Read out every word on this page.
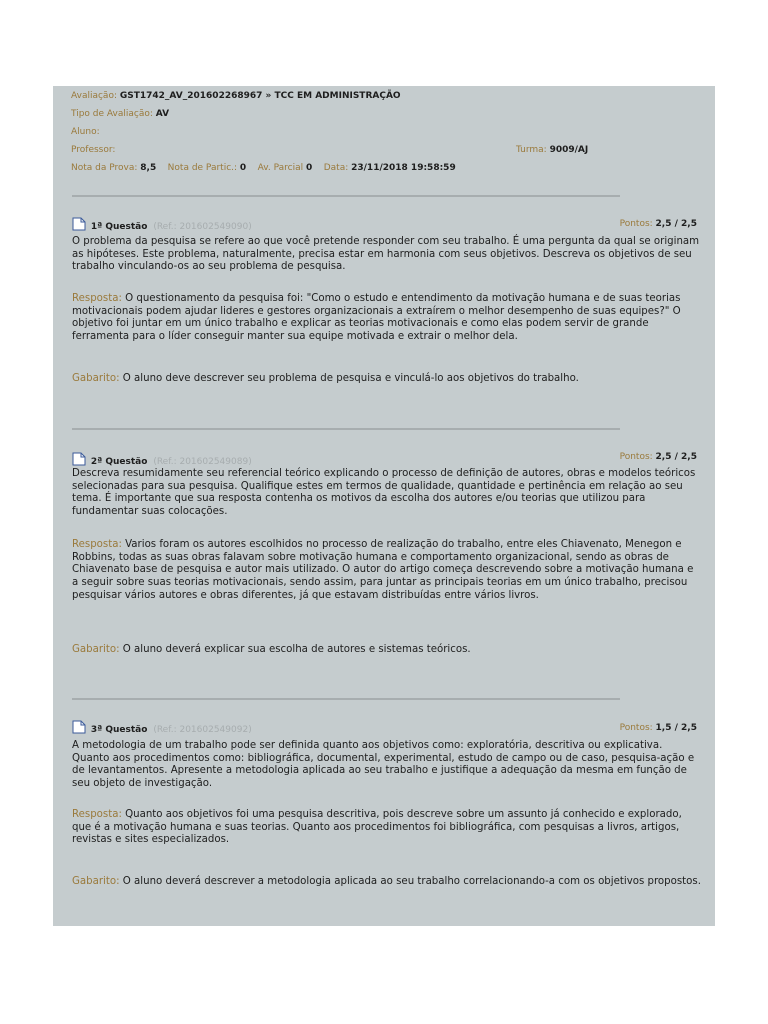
Avaliação: GST1742_AV_201602268967 » TCC EM ADMINISTRAÇÃO
Tipo de Avaliação: AV
Aluno:
Professor:	Turma: 9009/AJ
Nota da Prova: 8,5 Nota de Partic.: 0 Av. Parcial 0 Data: 23/11/2018 19:58:59
1ª Questão (Ref.: 201602549090)	Pontos: 2,5 / 2,5
O problema da pesquisa se refere ao que você pretende responder com seu trabalho. É uma pergunta da qual se originam as hipóteses. Este problema, naturalmente, precisa estar em harmonia com seus objetivos. Descreva os objetivos de seu trabalho vinculando-os ao seu problema de pesquisa.
Resposta: O questionamento da pesquisa foi: "Como o estudo e entendimento da motivação humana e de suas teorias motivacionais podem ajudar lideres e gestores organizacionais a extraírem o melhor desempenho de suas equipes?" O objetivo foi juntar em um único trabalho e explicar as teorias motivacionais e como elas podem servir de grande ferramenta para o líder conseguir manter sua equipe motivada e extrair o melhor dela.
Gabarito: O aluno deve descrever seu problema de pesquisa e vinculá-lo aos objetivos do trabalho.
2ª Questão (Ref.: 201602549089)	Pontos: 2,5 / 2,5
Descreva resumidamente seu referencial teórico explicando o processo de definição de autores, obras e modelos teóricos selecionadas para sua pesquisa. Qualifique estes em termos de qualidade, quantidade e pertinência em relação ao seu tema. É importante que sua resposta contenha os motivos da escolha dos autores e/ou teorias que utilizou para fundamentar suas colocações.
Resposta: Varios foram os autores escolhidos no processo de realização do trabalho, entre eles Chiavenato, Menegon e Robbins, todas as suas obras falavam sobre motivação humana e comportamento organizacional, sendo as obras de Chiavenato base de pesquisa e autor mais utilizado. O autor do artigo começa descrevendo sobre a motivação humana e a seguir sobre suas teorias motivacionais, sendo assim, para juntar as principais teorias em um único trabalho, precisou pesquisar vários autores e obras diferentes, já que estavam distribuídas entre vários livros.
Gabarito: O aluno deverá explicar sua escolha de autores e sistemas teóricos.
3ª Questão (Ref.: 201602549092)	Pontos: 1,5 / 2,5
A metodologia de um trabalho pode ser definida quanto aos objetivos como: exploratória, descritiva ou explicativa. Quanto aos procedimentos como: bibliográfica, documental, experimental, estudo de campo ou de caso, pesquisa-ação e de levantamentos. Apresente a metodologia aplicada ao seu trabalho e justifique a adequação da mesma em função de seu objeto de investigação.
Resposta: Quanto aos objetivos foi uma pesquisa descritiva, pois descreve sobre um assunto já conhecido e explorado, que é a motivação humana e suas teorias. Quanto aos procedimentos foi bibliográfica, com pesquisas a livros, artigos, revistas e sites especializados.
Gabarito: O aluno deverá descrever a metodologia aplicada ao seu trabalho correlacionando-a com os objetivos propostos.
